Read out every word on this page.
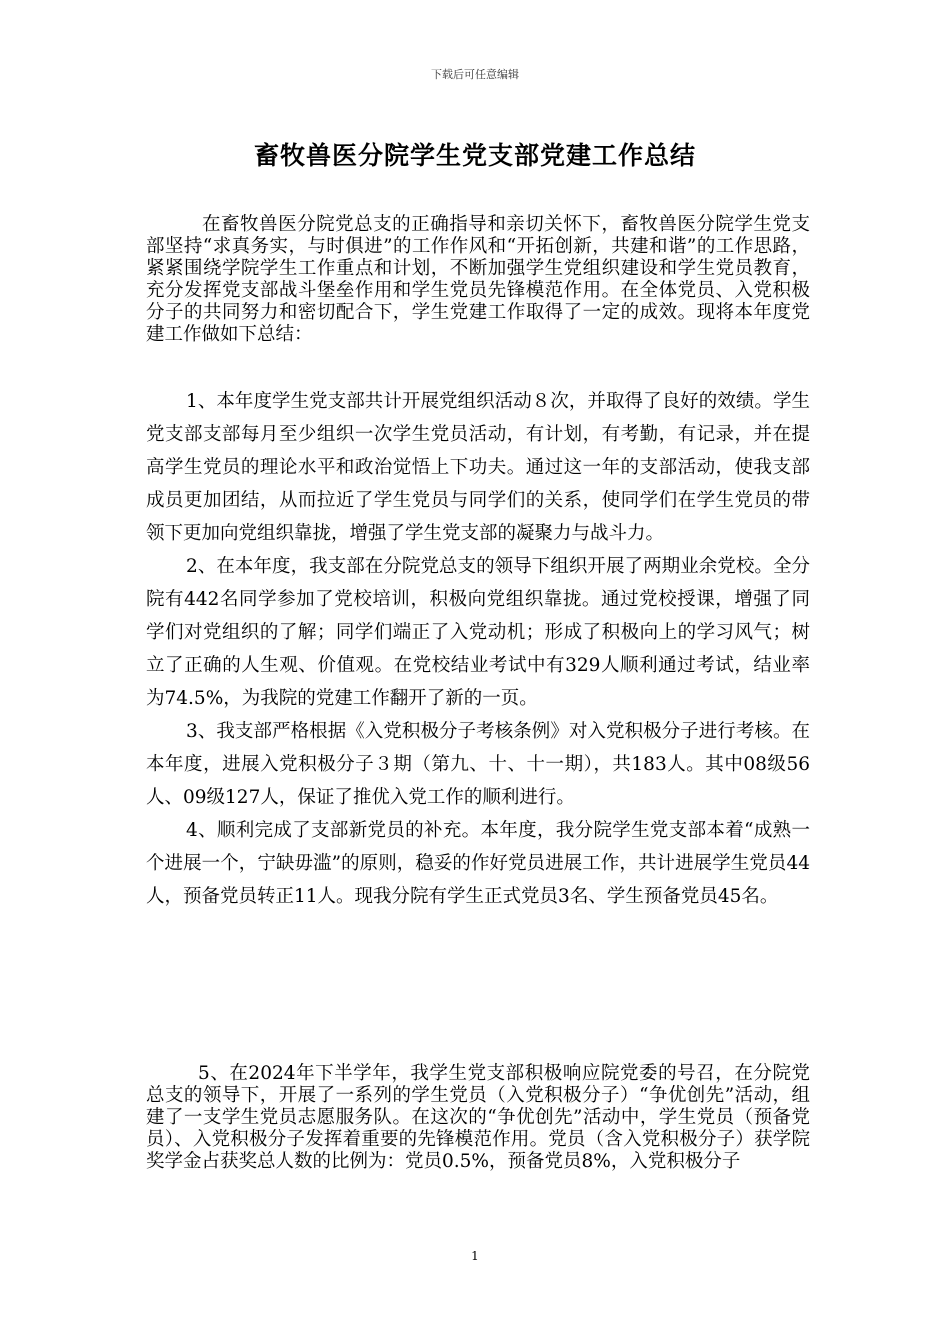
下载后可任意编辑
畜牧兽医分院学生党支部党建工作总结

在畜牧兽医分院党总支的正确指导和亲切关怀下，畜牧兽医分院学生党支部坚持“求真务实，与时俱进”的工作作风和“开拓创新，共建和谐”的工作思路，紧紧围绕学院学生工作重点和计划，不断加强学生党组织建设和学生党员教育，充分发挥党支部战斗堡垒作用和学生党员先锋模范作用。在全体党员、入党积极分子的共同努力和密切配合下，学生党建工作取得了一定的成效。现将本年度党建工作做如下总结：

1、本年度学生党支部共计开展党组织活动８次，并取得了良好的效绩。学生党支部支部每月至少组织一次学生党员活动，有计划，有考勤，有记录，并在提高学生党员的理论水平和政治觉悟上下功夫。通过这一年的支部活动，使我支部成员更加团结，从而拉近了学生党员与同学们的关系，使同学们在学生党员的带领下更加向党组织靠拢，增强了学生党支部的凝聚力与战斗力。

2、在本年度，我支部在分院党总支的领导下组织开展了两期业余党校。全分院有442名同学参加了党校培训，积极向党组织靠拢。通过党校授课，增强了同学们对党组织的了解；同学们端正了入党动机；形成了积极向上的学习风气；树立了正确的人生观、价值观。在党校结业考试中有329人顺利通过考试，结业率为74.5%，为我院的党建工作翻开了新的一页。

3、我支部严格根据《入党积极分子考核条例》对入党积极分子进行考核。在本年度，进展入党积极分子３期（第九、十、十一期），共183人。其中08级56人、09级127人，保证了推优入党工作的顺利进行。

4、顺利完成了支部新党员的补充。本年度，我分院学生党支部本着“成熟一个进展一个，宁缺毋滥”的原则，稳妥的作好党员进展工作，共计进展学生党员44人，预备党员转正11人。现我分院有学生正式党员3名、学生预备党员45名。

5、在2024年下半学年，我学生党支部积极响应院党委的号召，在分院党总支的领导下，开展了一系列的学生党员（入党积极分子）“争优创先”活动，组建了一支学生党员志愿服务队。在这次的“争优创先”活动中，学生党员（预备党员）、入党积极分子发挥着重要的先锋模范作用。党员（含入党积极分子）获学院奖学金占获奖总人数的比例为：党员0.5%，预备党员8%，入党积极分子

1
